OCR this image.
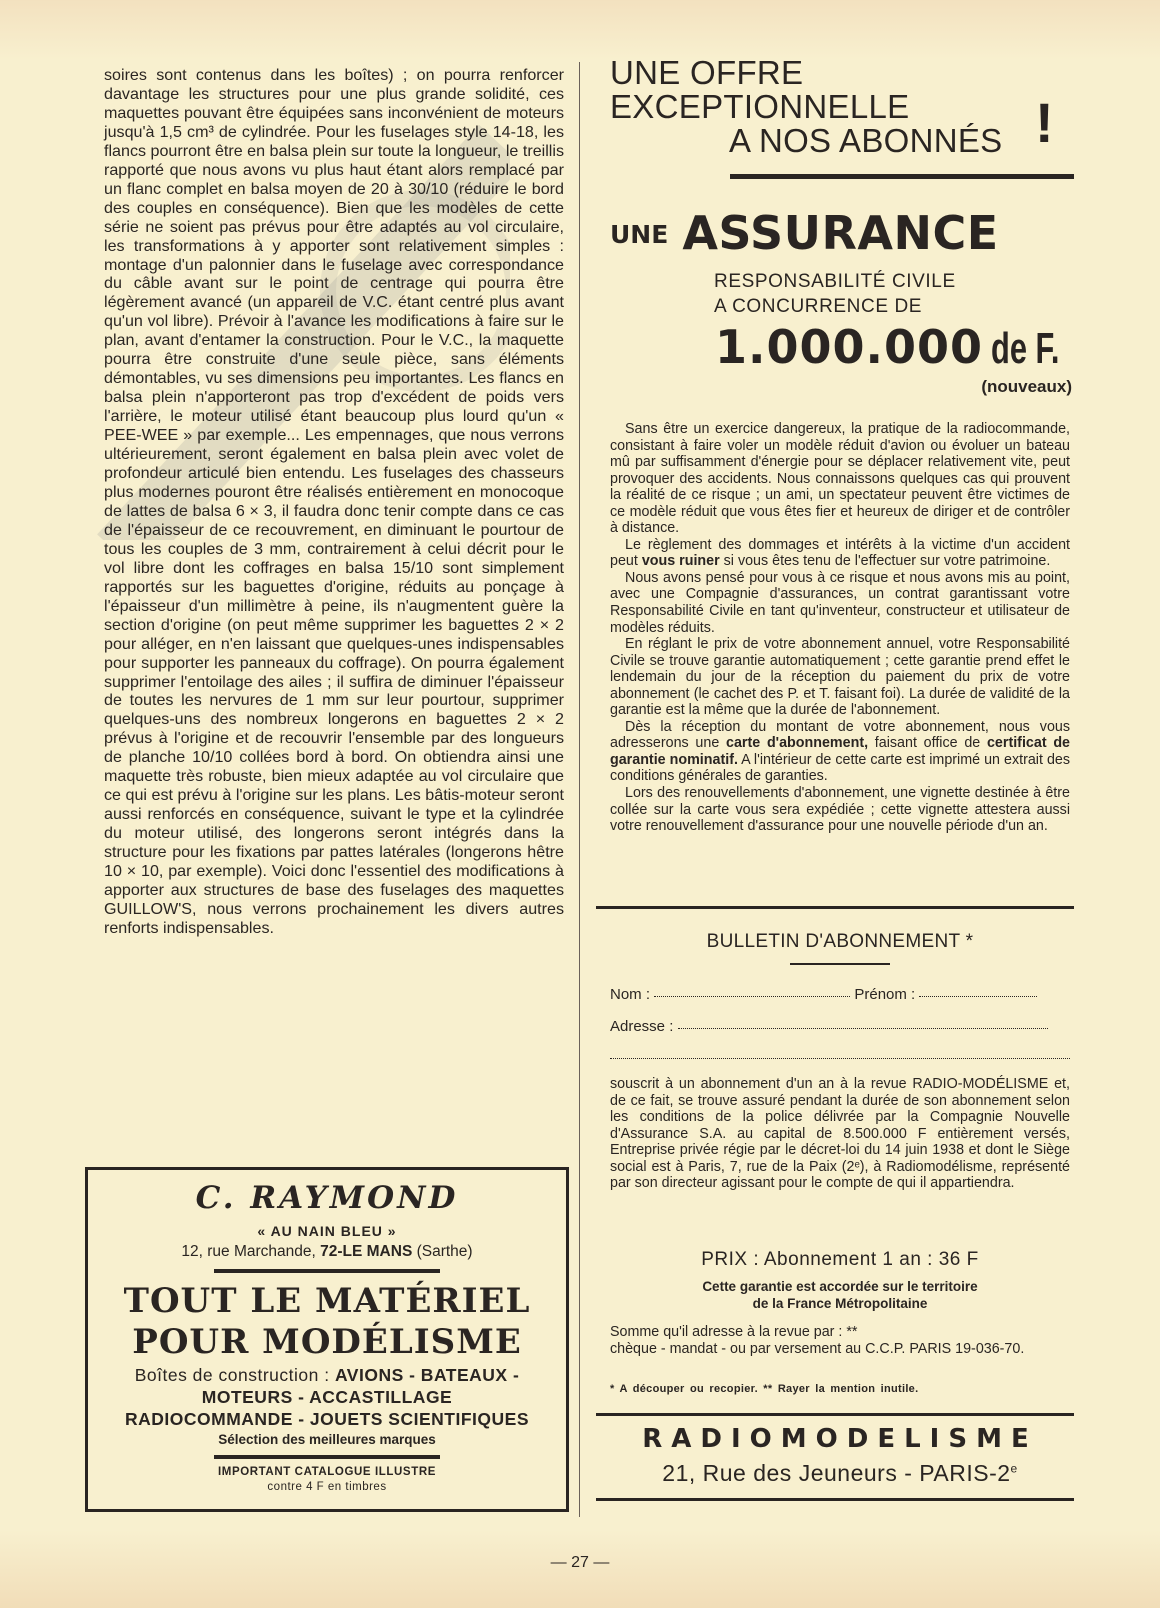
soires sont contenus dans les boîtes) ; on pourra renforcer davantage les structures pour une plus grande solidité, ces maquettes pouvant être équipées sans inconvénient de moteurs jusqu'à 1,5 cm³ de cylindrée. Pour les fuselages style 14-18, les flancs pourront être en balsa plein sur toute la longueur, le treillis rapporté que nous avons vu plus haut étant alors remplacé par un flanc complet en balsa moyen de 20 à 30/10 (réduire le bord des couples en conséquence). Bien que les modèles de cette série ne soient pas prévus pour être adaptés au vol circulaire, les transformations à y apporter sont relativement simples : montage d'un palonnier dans le fuselage avec correspondance du câble avant sur le point de centrage qui pourra être légèrement avancé (un appareil de V.C. étant centré plus avant qu'un vol libre). Prévoir à l'avance les modifications à faire sur le plan, avant d'entamer la construction. Pour le V.C., la maquette pourra être construite d'une seule pièce, sans éléments démontables, vu ses dimensions peu importantes. Les flancs en balsa plein n'apporteront pas trop d'excédent de poids vers l'arrière, le moteur utilisé étant beaucoup plus lourd qu'un « PEE-WEE » par exemple... Les empennages, que nous verrons ultérieurement, seront également en balsa plein avec volet de profondeur articulé bien entendu. Les fuselages des chasseurs plus modernes pouront être réalisés entièrement en monocoque de lattes de balsa 6 × 3, il faudra donc tenir compte dans ce cas de l'épaisseur de ce recouvrement, en diminuant le pourtour de tous les couples de 3 mm, contrairement à celui décrit pour le vol libre dont les coffrages en balsa 15/10 sont simplement rapportés sur les baguettes d'origine, réduits au ponçage à l'épaisseur d'un millimètre à peine, ils n'augmentent guère la section d'origine (on peut même supprimer les baguettes 2 × 2 pour alléger, en n'en laissant que quelques-unes indispensables pour supporter les panneaux du coffrage). On pourra également supprimer l'entoilage des ailes ; il suffira de diminuer l'épaisseur de toutes les nervures de 1 mm sur leur pourtour, supprimer quelques-uns des nombreux longerons en baguettes 2 × 2 prévus à l'origine et de recouvrir l'ensemble par des longueurs de planche 10/10 collées bord à bord. On obtiendra ainsi une maquette très robuste, bien mieux adaptée au vol circulaire que ce qui est prévu à l'origine sur les plans. Les bâtis-moteur seront aussi renforcés en conséquence, suivant le type et la cylindrée du moteur utilisé, des longerons seront intégrés dans la structure pour les fixations par pattes latérales (longerons hêtre 10 × 10, par exemple). Voici donc l'essentiel des modifications à apporter aux structures de base des fuselages des maquettes GUILLOW'S, nous verrons prochainement les divers autres renforts indispensables.

C. RAYMOND
« AU NAIN BLEU »
12, rue Marchande, 72-LE MANS (Sarthe)
TOUT LE MATÉRIEL
POUR MODÉLISME
Boîtes de construction : AVIONS - BATEAUX -
MOTEURS - ACCASTILLAGE
RADIOCOMMANDE - JOUETS SCIENTIFIQUES
Sélection des meilleures marques
IMPORTANT CATALOGUE ILLUSTRE
contre 4 F en timbres
UNE OFFRE
EXCEPTIONNELLE
A NOS ABONNÉS !
UNE ASSURANCE
RESPONSABILITÉ CIVILE
A CONCURRENCE DE
1.000.000 de F.
(nouveaux)

Sans être un exercice dangereux, la pratique de la radiocommande, consistant à faire voler un modèle réduit d'avion ou évoluer un bateau mû par suffisamment d'énergie pour se déplacer relativement vite, peut provoquer des accidents. Nous connaissons quelques cas qui prouvent la réalité de ce risque ; un ami, un spectateur peuvent être victimes de ce modèle réduit que vous êtes fier et heureux de diriger et de contrôler à distance.

Le règlement des dommages et intérêts à la victime d'un accident peut vous ruiner si vous êtes tenu de l'effectuer sur votre patrimoine.

Nous avons pensé pour vous à ce risque et nous avons mis au point, avec une Compagnie d'assurances, un contrat garantissant votre Responsabilité Civile en tant qu'inventeur, constructeur et utilisateur de modèles réduits.

En réglant le prix de votre abonnement annuel, votre Responsabilité Civile se trouve garantie automatiquement ; cette garantie prend effet le lendemain du jour de la réception du paiement du prix de votre abonnement (le cachet des P. et T. faisant foi). La durée de validité de la garantie est la même que la durée de l'abonnement.

Dès la réception du montant de votre abonnement, nous vous adresserons une carte d'abonnement, faisant office de certificat de garantie nominatif. A l'intérieur de cette carte est imprimé un extrait des conditions générales de garanties.

Lors des renouvellements d'abonnement, une vignette destinée à être collée sur la carte vous sera expédiée ; cette vignette attestera aussi votre renouvellement d'assurance pour une nouvelle période d'un an.

BULLETIN D'ABONNEMENT *
Nom :	Prénom :
Adresse :
souscrit à un abonnement d'un an à la revue RADIO-MODÉLISME et, de ce fait, se trouve assuré pendant la durée de son abonnement selon les conditions de la police délivrée par la Compagnie Nouvelle d'Assurance S.A. au capital de 8.500.000 F entièrement versés, Entreprise privée régie par le décret-loi du 14 juin 1938 et dont le Siège social est à Paris, 7, rue de la Paix (2ᵉ), à Radiomodélisme, représenté par son directeur agissant pour le compte de qui il appartiendra.
PRIX : Abonnement 1 an : 36 F
Cette garantie est accordée sur le territoire
de la France Métropolitaine
Somme qu'il adresse à la revue par : **
chèque - mandat - ou par versement au C.C.P. PARIS 19-036-70.
* A découper ou recopier. ** Rayer la mention inutile.
RADIOMODELISME
21, Rue des Jeuneurs - PARIS-2e
— 27 —
